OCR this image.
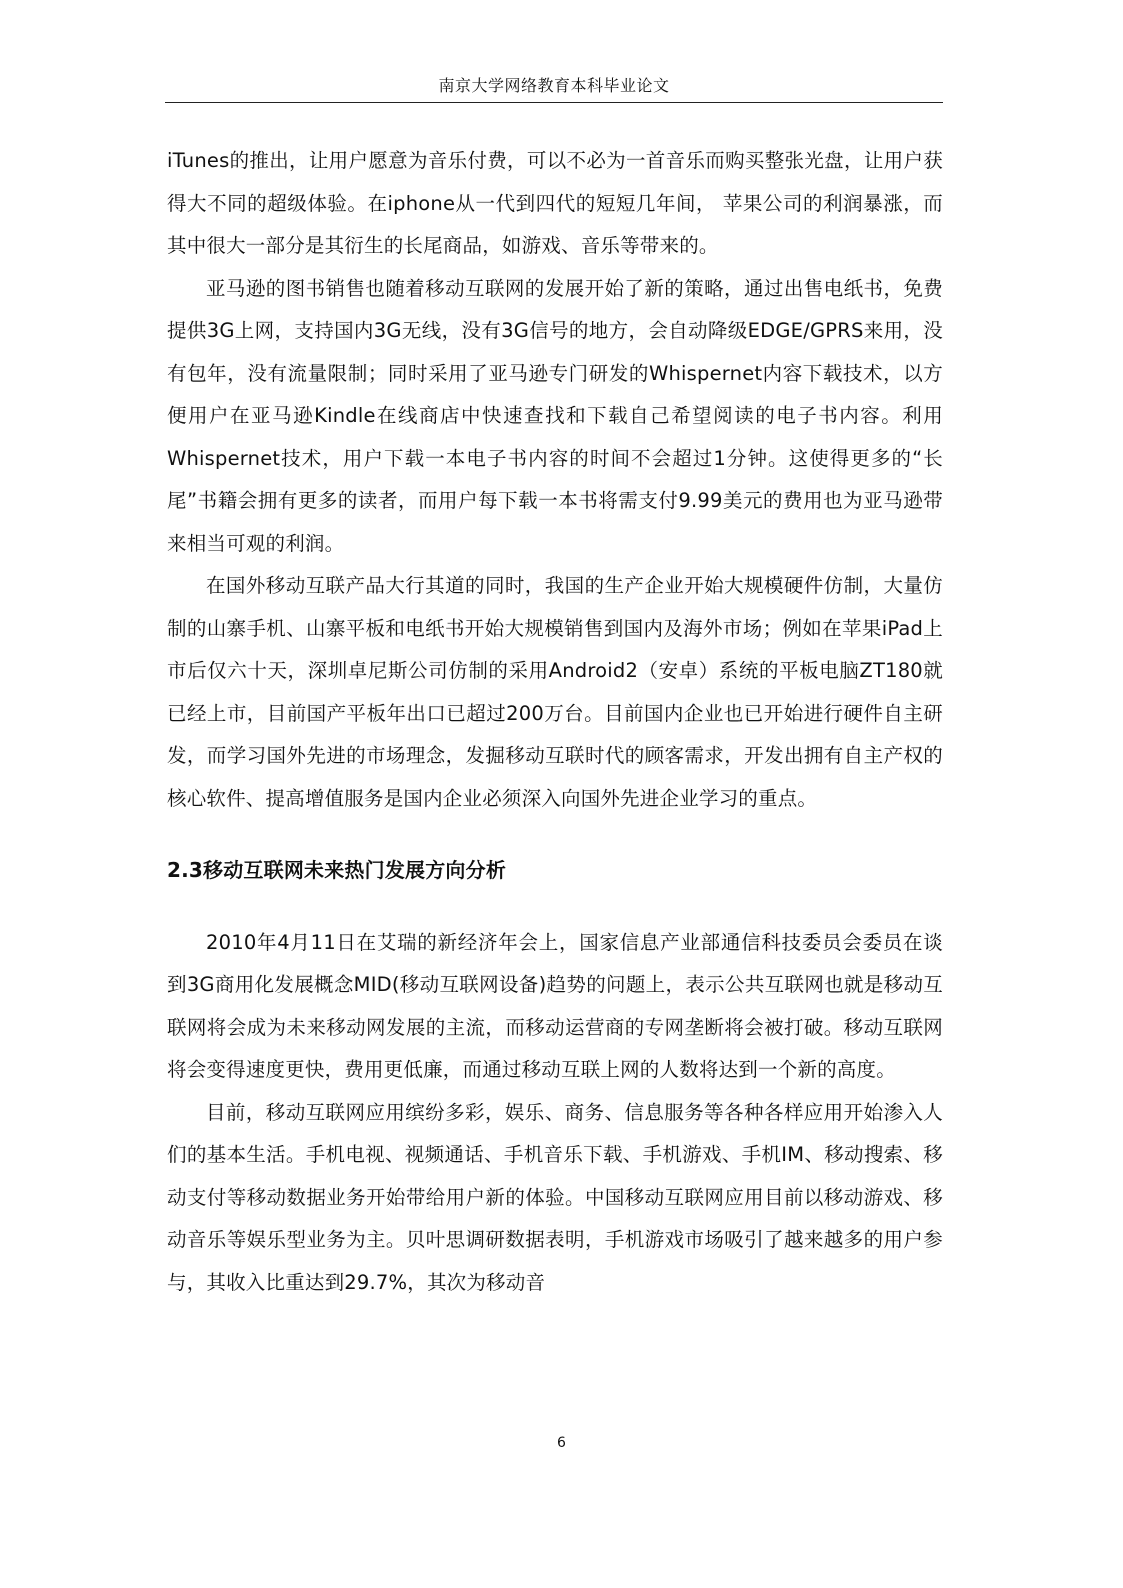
南京大学网络教育本科毕业论文

iTunes的推出，让用户愿意为音乐付费，可以不必为一首音乐而购买整张光盘，让用户获得大不同的超级体验。在iphone从一代到四代的短短几年间， 苹果公司的利润暴涨，而其中很大一部分是其衍生的长尾商品，如游戏、音乐等带来的。

亚马逊的图书销售也随着移动互联网的发展开始了新的策略，通过出售电纸书，免费提供3G上网，支持国内3G无线，没有3G信号的地方，会自动降级EDGE/GPRS来用，没有包年，没有流量限制；同时采用了亚马逊专门研发的Whispernet内容下载技术，以方便用户在亚马逊Kindle在线商店中快速查找和下载自己希望阅读的电子书内容。利用Whispernet技术，用户下载一本电子书内容的时间不会超过1分钟。这使得更多的“长尾”书籍会拥有更多的读者，而用户每下载一本书将需支付9.99美元的费用也为亚马逊带来相当可观的利润。

在国外移动互联产品大行其道的同时，我国的生产企业开始大规模硬件仿制，大量仿制的山寨手机、山寨平板和电纸书开始大规模销售到国内及海外市场；例如在苹果iPad上市后仅六十天，深圳卓尼斯公司仿制的采用Android2（安卓）系统的平板电脑ZT180就已经上市，目前国产平板年出口已超过200万台。目前国内企业也已开始进行硬件自主研发，而学习国外先进的市场理念，发掘移动互联时代的顾客需求，开发出拥有自主产权的核心软件、提高增值服务是国内企业必须深入向国外先进企业学习的重点。

2.3移动互联网未来热门发展方向分析

2010年4月11日在艾瑞的新经济年会上，国家信息产业部通信科技委员会委员在谈到3G商用化发展概念MID(移动互联网设备)趋势的问题上，表示公共互联网也就是移动互联网将会成为未来移动网发展的主流，而移动运营商的专网垄断将会被打破。移动互联网将会变得速度更快，费用更低廉，而通过移动互联上网的人数将达到一个新的高度。

目前，移动互联网应用缤纷多彩，娱乐、商务、信息服务等各种各样应用开始渗入人们的基本生活。手机电视、视频通话、手机音乐下载、手机游戏、手机IM、移动搜索、移动支付等移动数据业务开始带给用户新的体验。中国移动互联网应用目前以移动游戏、移动音乐等娱乐型业务为主。贝叶思调研数据表明，手机游戏市场吸引了越来越多的用户参与，其收入比重达到29.7%，其次为移动音

6
